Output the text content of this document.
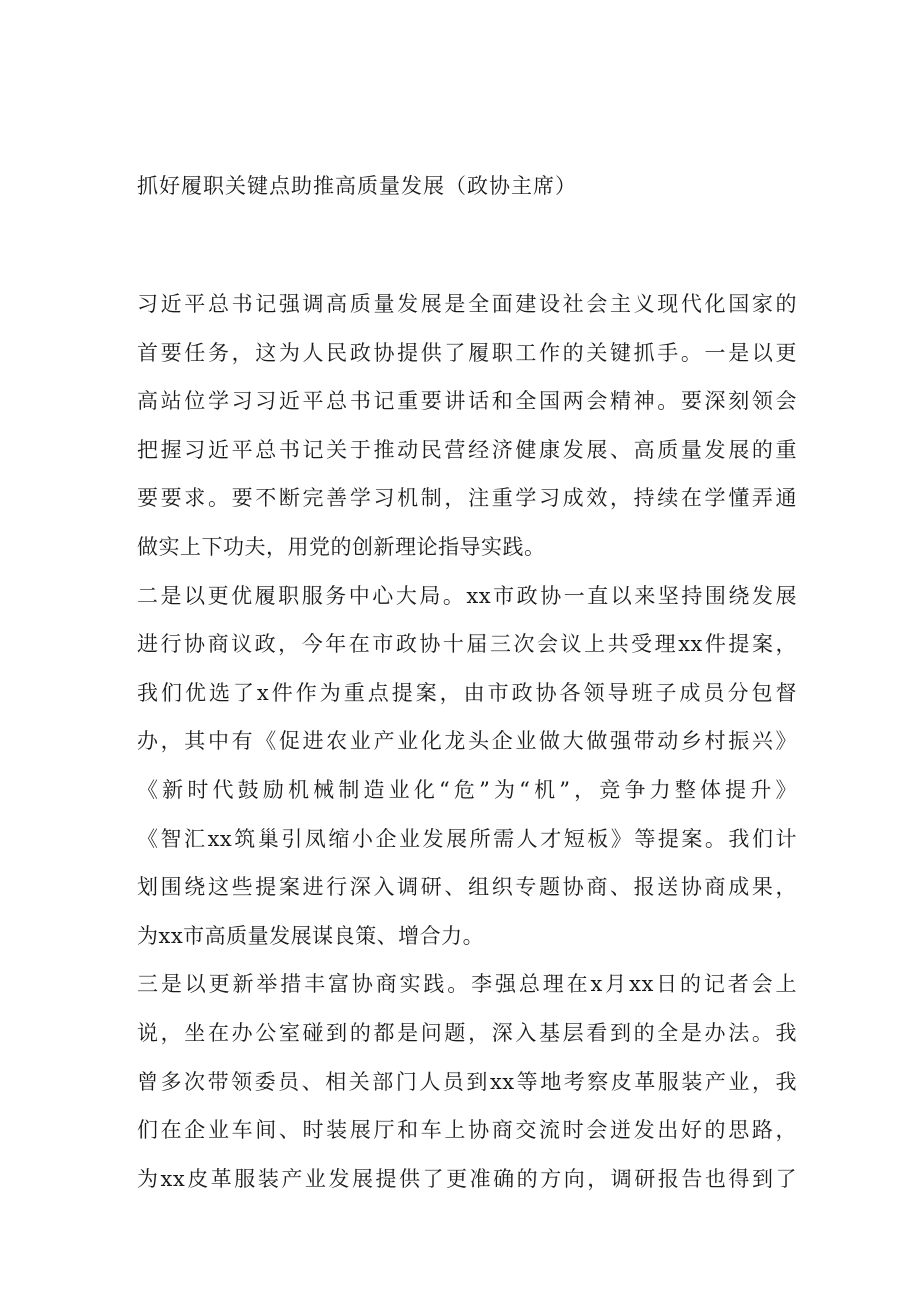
抓好履职关键点助推高质量发展（政协主席）
习近平总书记强调高质量发展是全面建设社会主义现代化国家的
首要任务，这为人民政协提供了履职工作的关键抓手。一是以更
高站位学习习近平总书记重要讲话和全国两会精神。要深刻领会
把握习近平总书记关于推动民营经济健康发展、高质量发展的重
要要求。要不断完善学习机制，注重学习成效，持续在学懂弄通
做实上下功夫，用党的创新理论指导实践。
二是以更优履职服务中心大局。xx市政协一直以来坚持围绕发展
进行协商议政，今年在市政协十届三次会议上共受理xx件提案，
我们优选了x件作为重点提案，由市政协各领导班子成员分包督
办，其中有《促进农业产业化龙头企业做大做强带动乡村振兴》
《新时代鼓励机械制造业化“危”为“机”，竞争力整体提升》
《智汇xx筑巢引凤缩小企业发展所需人才短板》等提案。我们计
划围绕这些提案进行深入调研、组织专题协商、报送协商成果，
为xx市高质量发展谋良策、增合力。
三是以更新举措丰富协商实践。李强总理在x月xx日的记者会上
说，坐在办公室碰到的都是问题，深入基层看到的全是办法。我
曾多次带领委员、相关部门人员到xx等地考察皮革服装产业，我
们在企业车间、时装展厅和车上协商交流时会迸发出好的思路，
为xx皮革服装产业发展提供了更准确的方向，调研报告也得到了
